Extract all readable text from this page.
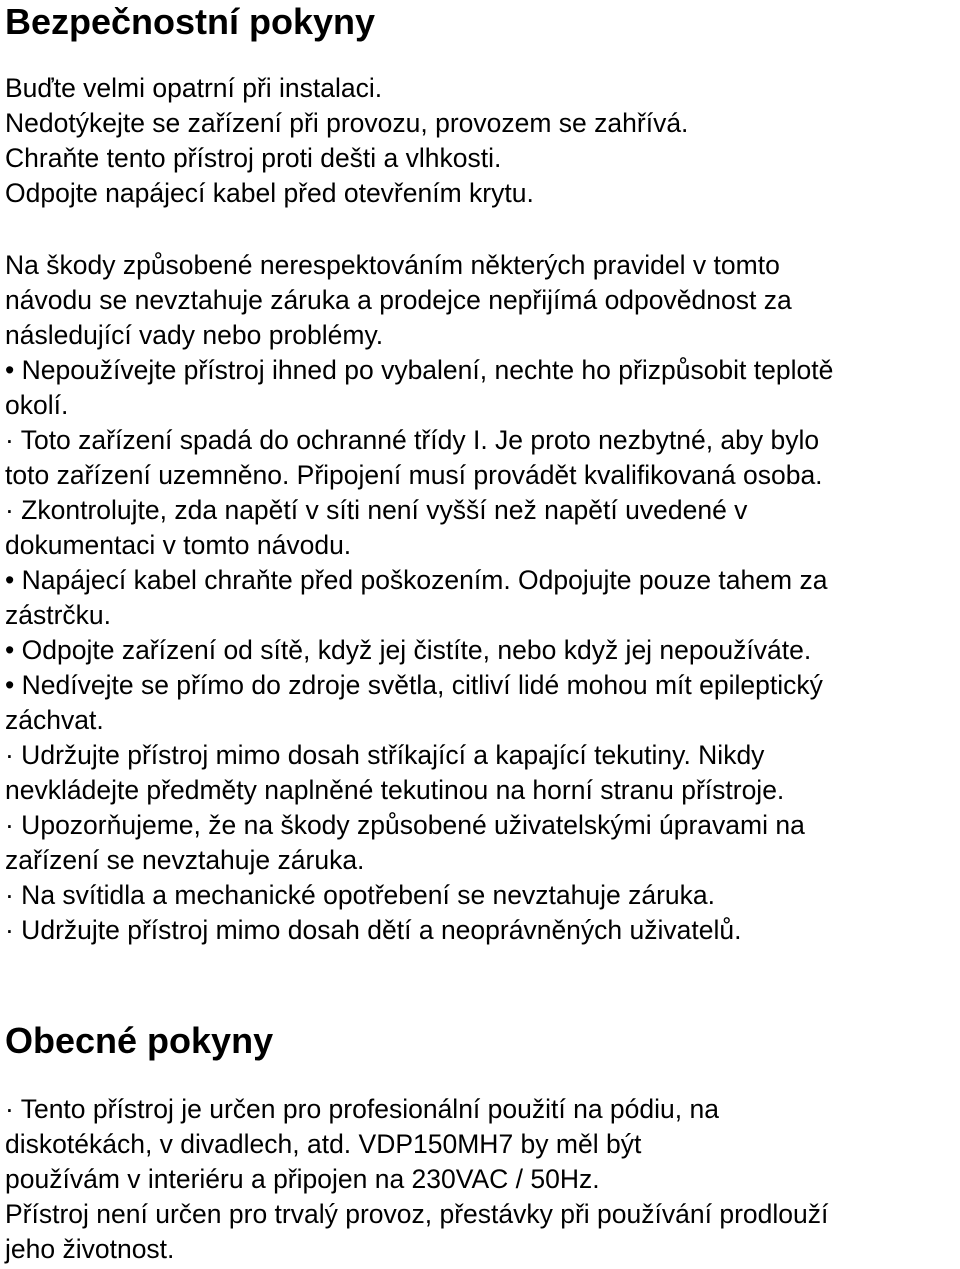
Bezpečnostní pokyny
Buďte velmi opatrní při instalaci.
Nedotýkejte se zařízení při provozu, provozem se zahřívá.
Chraňte tento přístroj proti dešti a vlhkosti.
Odpojte napájecí kabel před otevřením krytu.
Na škody způsobené nerespektováním některých pravidel v tomto
návodu se nevztahuje záruka a prodejce nepřijímá odpovědnost za
následující vady nebo problémy.
• Nepoužívejte přístroj ihned po vybalení, nechte ho přizpůsobit teplotě
okolí.
· Toto zařízení spadá do ochranné třídy I. Je proto nezbytné, aby bylo
toto zařízení uzemněno. Připojení musí provádět kvalifikovaná osoba.
· Zkontrolujte, zda napětí v síti není vyšší než napětí uvedené v
dokumentaci v tomto návodu.
• Napájecí kabel chraňte před poškozením. Odpojujte pouze tahem za
zástrčku.
• Odpojte zařízení od sítě, když jej čistíte, nebo když jej nepoužíváte.
• Nedívejte se přímo do zdroje světla, citliví lidé mohou mít epileptický
záchvat.
· Udržujte přístroj mimo dosah stříkající a kapající tekutiny. Nikdy
nevkládejte předměty naplněné tekutinou na horní stranu přístroje.
· Upozorňujeme, že na škody způsobené uživatelskými úpravami na
zařízení se nevztahuje záruka.
· Na svítidla a mechanické opotřebení se nevztahuje záruka.
· Udržujte přístroj mimo dosah dětí a neoprávněných uživatelů.
Obecné pokyny
· Tento přístroj je určen pro profesionální použití na pódiu, na
diskotékách, v divadlech, atd. VDP150MH7 by měl být
používám v interiéru a připojen na 230VAC / 50Hz.
Přístroj není určen pro trvalý provoz, přestávky při používání prodlouží
jeho životnost.
